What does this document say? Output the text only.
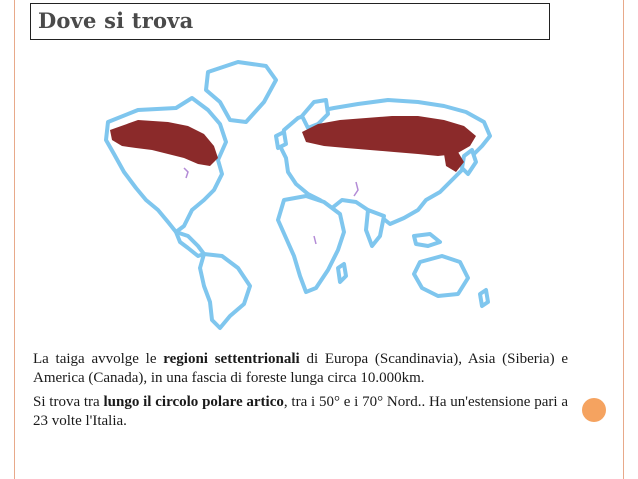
Dove si trova

La taiga avvolge le regioni settentrionali di Europa (Scandinavia), Asia (Siberia) e America (Canada), in una fascia di foreste lunga circa 10.000km.

Si trova tra lungo il circolo polare artico, tra i 50° e i 70° Nord.. Ha un'estensione pari a 23 volte l'Italia.
